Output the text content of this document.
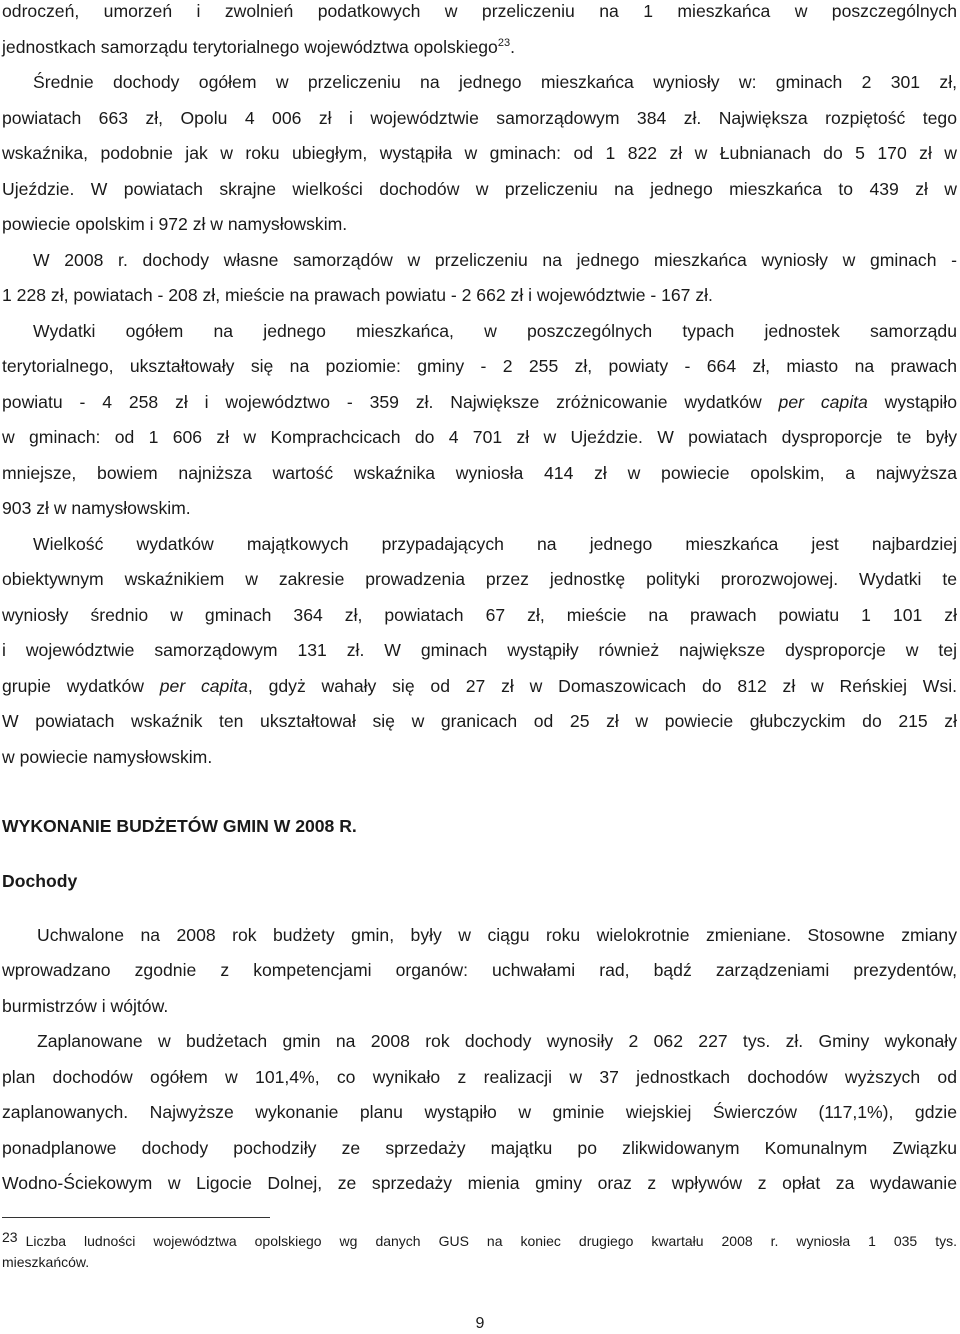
odroczeń, umorzeń i zwolnień podatkowych w przeliczeniu na 1 mieszkańca w poszczególnych
jednostkach samorządu terytorialnego województwa opolskiego$^{23}$.
Średnie dochody ogółem w przeliczeniu na jednego mieszkańca wyniosły w: gminach 2 301 zł,
powiatach 663 zł, Opolu 4 006 zł i województwie samorządowym 384 zł. Największa rozpiętość tego
wskaźnika, podobnie jak w roku ubiegłym, wystąpiła w gminach: od 1 822 zł w Łubnianach do 5 170 zł w
Ujeździe. W powiatach skrajne wielkości dochodów w przeliczeniu na jednego mieszkańca to 439 zł w
powiecie opolskim i 972 zł w namysłowskim.
W 2008 r. dochody własne samorządów w przeliczeniu na jednego mieszkańca wyniosły w gminach -
1 228 zł, powiatach - 208 zł, mieście na prawach powiatu - 2 662 zł i województwie - 167 zł.
Wydatki ogółem na jednego mieszkańca, w poszczególnych typach jednostek samorządu
terytorialnego, ukształtowały się na poziomie: gminy - 2 255 zł, powiaty - 664 zł, miasto na prawach
powiatu - 4 258 zł i województwo - 359 zł. Największe zróżnicowanie wydatków per capita wystąpiło
w gminach: od 1 606 zł w Komprachcicach do 4 701 zł w Ujeździe. W powiatach dysproporcje te były
mniejsze, bowiem najniższa wartość wskaźnika wyniosła 414 zł w powiecie opolskim, a najwyższa
903 zł w namysłowskim.
Wielkość wydatków majątkowych przypadających na jednego mieszkańca jest najbardziej
obiektywnym wskaźnikiem w zakresie prowadzenia przez jednostkę polityki prorozwojowej. Wydatki te
wyniosły średnio w gminach 364 zł, powiatach 67 zł, mieście na prawach powiatu 1 101 zł
i województwie samorządowym 131 zł. W gminach wystąpiły również największe dysproporcje w tej
grupie wydatków per capita, gdyż wahały się od 27 zł w Domaszowicach do 812 zł w Reńskiej Wsi.
W powiatach wskaźnik ten ukształtował się w granicach od 25 zł w powiecie głubczyckim do 215 zł
w powiecie namysłowskim.
WYKONANIE BUDŻETÓW GMIN W 2008 R.
Dochody
Uchwalone na 2008 rok budżety gmin, były w ciągu roku wielokrotnie zmieniane. Stosowne zmiany
wprowadzano zgodnie z kompetencjami organów: uchwałami rad, bądź zarządzeniami prezydentów,
burmistrzów i wójtów.
Zaplanowane w budżetach gmin na 2008 rok dochody wynosiły 2 062 227 tys. zł. Gminy wykonały
plan dochodów ogółem w 101,4%, co wynikało z realizacji w 37 jednostkach dochodów wyższych od
zaplanowanych. Najwyższe wykonanie planu wystąpiło w gminie wiejskiej Świerczów (117,1%), gdzie
ponadplanowe dochody pochodziły ze sprzedaży majątku po zlikwidowanym Komunalnym Związku
Wodno-Ściekowym w Ligocie Dolnej, ze sprzedaży mienia gminy oraz z wpływów z opłat za wydawanie
23 Liczba ludności województwa opolskiego wg danych GUS na koniec drugiego kwartału 2008 r. wyniosła 1 035 tys.
mieszkańców.
9
